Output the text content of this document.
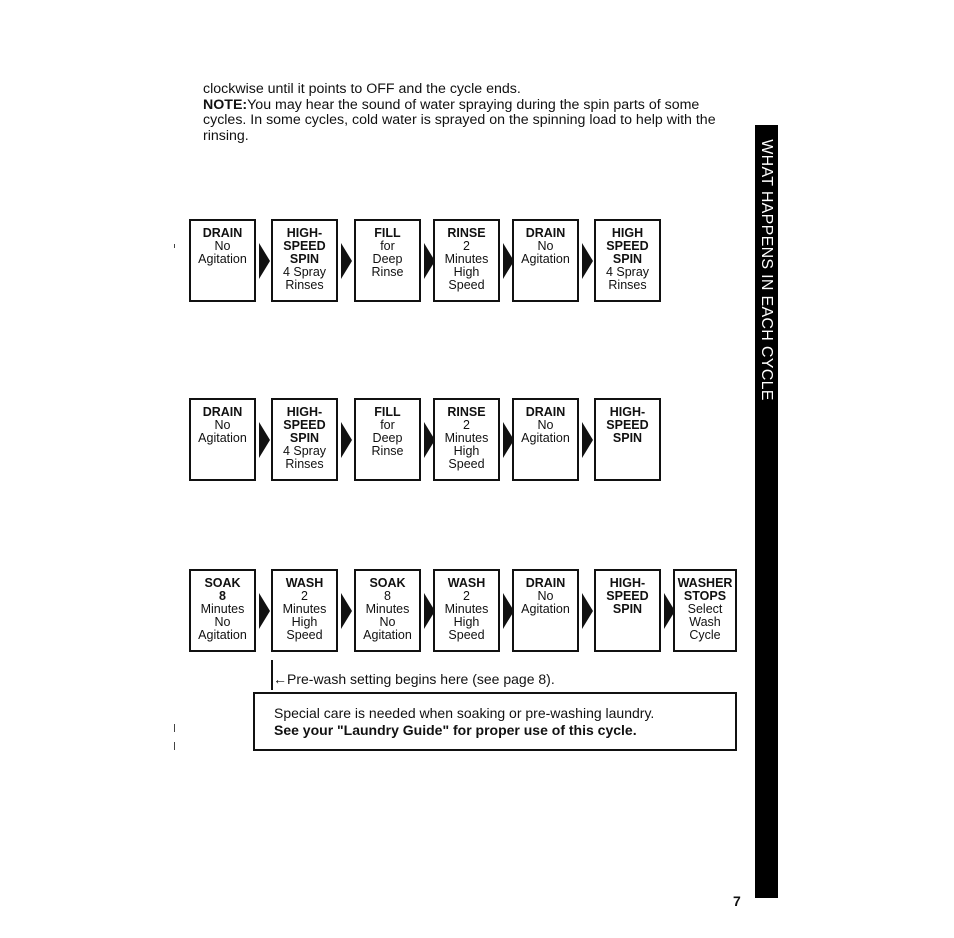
clockwise until it points to OFF and the cycle ends.

NOTE:You may hear the sound of water spraying during the spin parts of some cycles. In some cycles, cold water is sprayed on the spinning load to help with the rinsing.

WHAT HAPPENS IN EACH CYCLE
DRAIN
No
Agitation
HIGH-
SPEED
SPIN
4 Spray
Rinses
FILL
for
Deep
Rinse
RINSE
2
Minutes
High
Speed
DRAIN
No
Agitation
HIGH
SPEED
SPIN
4 Spray
Rinses
DRAIN
No
Agitation
HIGH-
SPEED
SPIN
4 Spray
Rinses
FILL
for
Deep
Rinse
RINSE
2
Minutes
High
Speed
DRAIN
No
Agitation
HIGH-
SPEED
SPIN
SOAK
8
Minutes
No
Agitation
WASH
2
Minutes
High
Speed
SOAK
8
Minutes
No
Agitation
WASH
2
Minutes
High
Speed
DRAIN
No
Agitation
HIGH-
SPEED
SPIN
WASHER
STOPS
Select
Wash
Cycle
←Pre-wash setting begins here (see page 8).
Special care is needed when soaking or pre-washing laundry.
See your "Laundry Guide" for proper use of this cycle.
7
